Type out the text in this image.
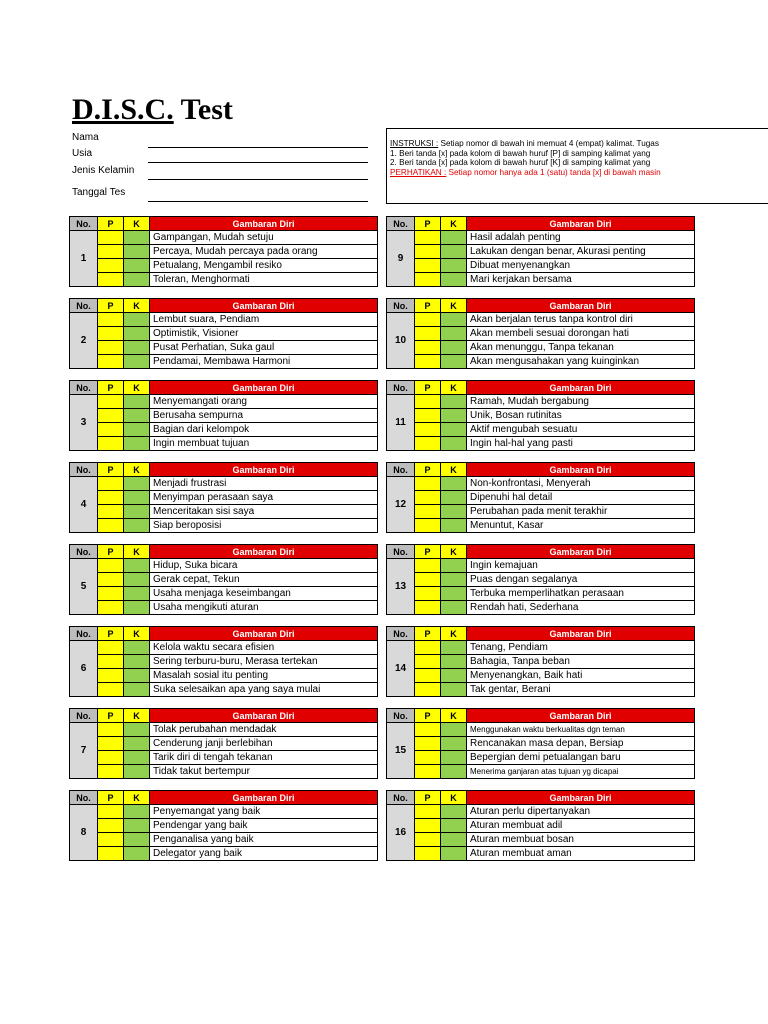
D.I.S.C. Test
Nama
Usia
Jenis Kelamin
Tanggal Tes
INSTRUKSI : Setiap nomor di bawah ini memuat 4 (empat) kalimat. Tugas
1. Beri tanda [x] pada kolom di bawah huruf [P] di samping kalimat yang
2. Beri tanda [x] pada kolom di bawah huruf [K] di samping kalimat yang
PERHATIKAN : Setiap nomor hanya ada 1 (satu) tanda [x] di bawah masin
No.	P	K	Gambaran Diri
1			Gampangan, Mudah setuju
			Percaya, Mudah percaya pada orang
			Petualang, Mengambil resiko
			Toleran, Menghormati
No.	P	K	Gambaran Diri
2			Lembut suara, Pendiam
			Optimistik, Visioner
			Pusat Perhatian, Suka gaul
			Pendamai, Membawa Harmoni
No.	P	K	Gambaran Diri
3			Menyemangati orang
			Berusaha sempurna
			Bagian dari kelompok
			Ingin membuat tujuan
No.	P	K	Gambaran Diri
4			Menjadi frustrasi
			Menyimpan perasaan saya
			Menceritakan sisi saya
			Siap beroposisi
No.	P	K	Gambaran Diri
5			Hidup, Suka bicara
			Gerak cepat, Tekun
			Usaha menjaga keseimbangan
			Usaha mengikuti aturan
No.	P	K	Gambaran Diri
6			Kelola waktu secara efisien
			Sering terburu-buru, Merasa tertekan
			Masalah sosial itu penting
			Suka selesaikan apa yang saya mulai
No.	P	K	Gambaran Diri
7			Tolak perubahan mendadak
			Cenderung janji berlebihan
			Tarik diri di tengah tekanan
			Tidak takut bertempur
No.	P	K	Gambaran Diri
8			Penyemangat yang baik
			Pendengar yang baik
			Penganalisa yang baik
			Delegator yang baik
No.	P	K	Gambaran Diri
9			Hasil adalah penting
			Lakukan dengan benar, Akurasi penting
			Dibuat menyenangkan
			Mari kerjakan bersama
No.	P	K	Gambaran Diri
10			Akan berjalan terus tanpa kontrol diri
			Akan membeli sesuai dorongan hati
			Akan menunggu, Tanpa tekanan
			Akan mengusahakan yang kuinginkan
No.	P	K	Gambaran Diri
11			Ramah, Mudah bergabung
			Unik, Bosan rutinitas
			Aktif mengubah sesuatu
			Ingin hal-hal yang pasti
No.	P	K	Gambaran Diri
12			Non-konfrontasi, Menyerah
			Dipenuhi hal detail
			Perubahan pada menit terakhir
			Menuntut, Kasar
No.	P	K	Gambaran Diri
13			Ingin kemajuan
			Puas dengan segalanya
			Terbuka memperlihatkan perasaan
			Rendah hati, Sederhana
No.	P	K	Gambaran Diri
14			Tenang, Pendiam
			Bahagia, Tanpa beban
			Menyenangkan, Baik hati
			Tak gentar, Berani
No.	P	K	Gambaran Diri
15			Menggunakan waktu berkualitas dgn teman
			Rencanakan masa depan, Bersiap
			Bepergian demi petualangan baru
			Menerima ganjaran atas tujuan yg dicapai
No.	P	K	Gambaran Diri
16			Aturan perlu dipertanyakan
			Aturan membuat adil
			Aturan membuat bosan
			Aturan membuat aman
